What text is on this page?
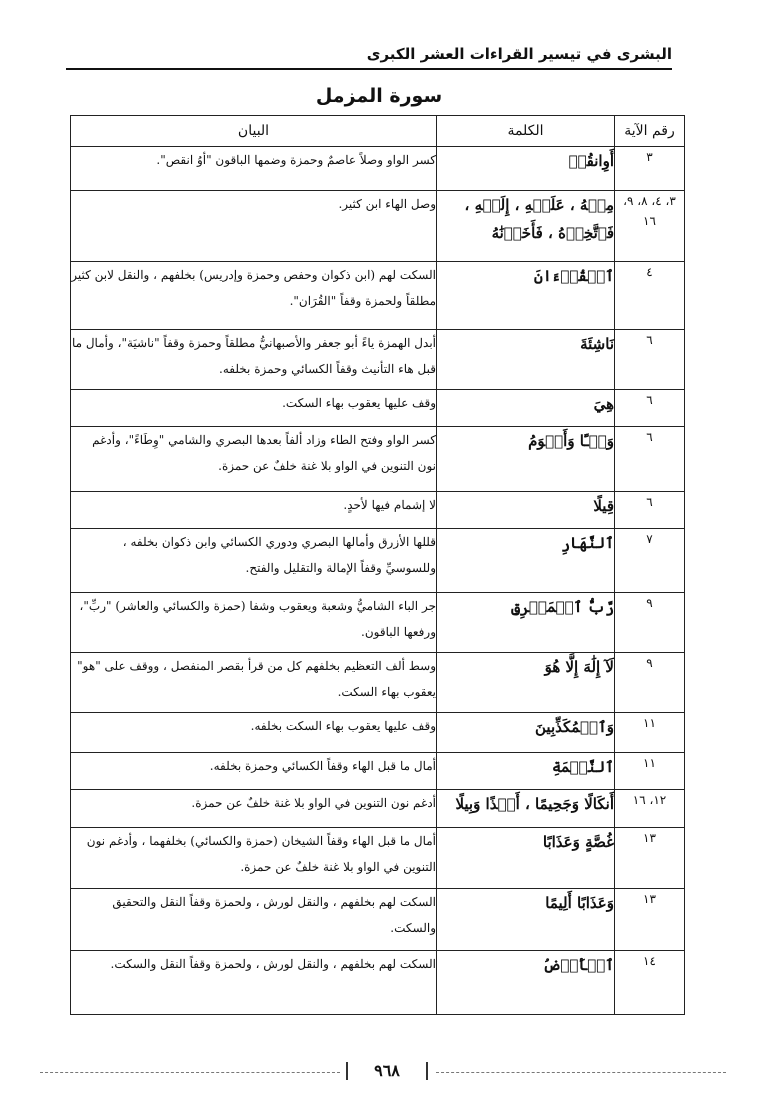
البشرى في تيسير القراءات العشر الكبرى
سورة المزمل
رقم الآية	الكلمة	البيان
٣	أَوِانقُصۡ	كسر الواو وصلاً عاصمٌ وحمزة وضمها الباقون "أوُ انقص".
٣، ٤، ٨، ٩، ١٦	مِنۡهُ ، عَلَيۡهِ ، إِلَيۡهِ ، فَٱتَّخِذۡهُ ، فَأَخَذۡنَٰهُ	وصل الهاء ابن كثير.
٤	ٱلۡقُرۡءَانَ	السكت لهم (ابن ذكوان وحفص وحمزة وإدريس) بخلفهم ، والنقل لابن كثير مطلقاً ولحمزة وقفاً "القُرَان".
٦	نَاشِئَةَ	أبدل الهمزة ياءً أبو جعفر والأصبهانيُّ مطلقاً وحمزة وقفاً "ناشيَة"، وأمال ما قبل هاء التأنيث وقفاً الكسائي وحمزة بخلفه.
٦	هِيَ	وقف عليها يعقوب بهاء السكت.
٦	وَطۡـًٔا وَأَقۡوَمُ	كسر الواو وفتح الطاء وزاد ألفاً بعدها البصري والشامي "وِطَاءً"، وأدغم نون التنوين في الواو بلا غنة خلفٌ عن حمزة.
٦	قِيلًا	لا إشمام فيها لأحدٍ.
٧	ٱلنَّهَارِ	قللها الأزرق وأمالها البصري ودوري الكسائي وابن ذكوان بخلفه ، وللسوسيِّ وقفاً الإمالة والتقليل والفتح.
٩	رَّبُّ ٱلۡمَشۡرِقِ	جر الباء الشاميُّ وشعبة ويعقوب وشفا (حمزة والكسائي والعاشر) "ربِّ"، ورفعها الباقون.
٩	لَآ إِلَٰهَ إِلَّا هُوَ	وسط ألف التعظيم بخلفهم كل من قرأ بقصر المنفصل ، ووقف على "هو" يعقوب بهاء السكت.
١١	وَٱلۡمُكَذِّبِينَ	وقف عليها يعقوب بهاء السكت بخلفه.
١١	ٱلنَّعۡمَةِ	أمال ما قبل الهاء وقفاً الكسائي وحمزة بخلفه.
١٢، ١٦	أَنكَالًا وَجَحِيمًا ، أَخۡذًا وَبِيلًا	أدغم نون التنوين في الواو بلا غنة خلفٌ عن حمزة.
١٣	غُصَّةٍ وَعَذَابًا	أمال ما قبل الهاء وقفاً الشيخان (حمزة والكسائي) بخلفهما ، وأدغم نون التنوين في الواو بلا غنة خلفٌ عن حمزة.
١٣	وَعَذَابًا أَلِيمًا	السكت لهم بخلفهم ، والنقل لورش ، ولحمزة وقفاً النقل والتحقيق والسكت.
١٤	ٱلۡأَرۡضُ	السكت لهم بخلفهم ، والنقل لورش ، ولحمزة وقفاً النقل والسكت.
٩٦٨
